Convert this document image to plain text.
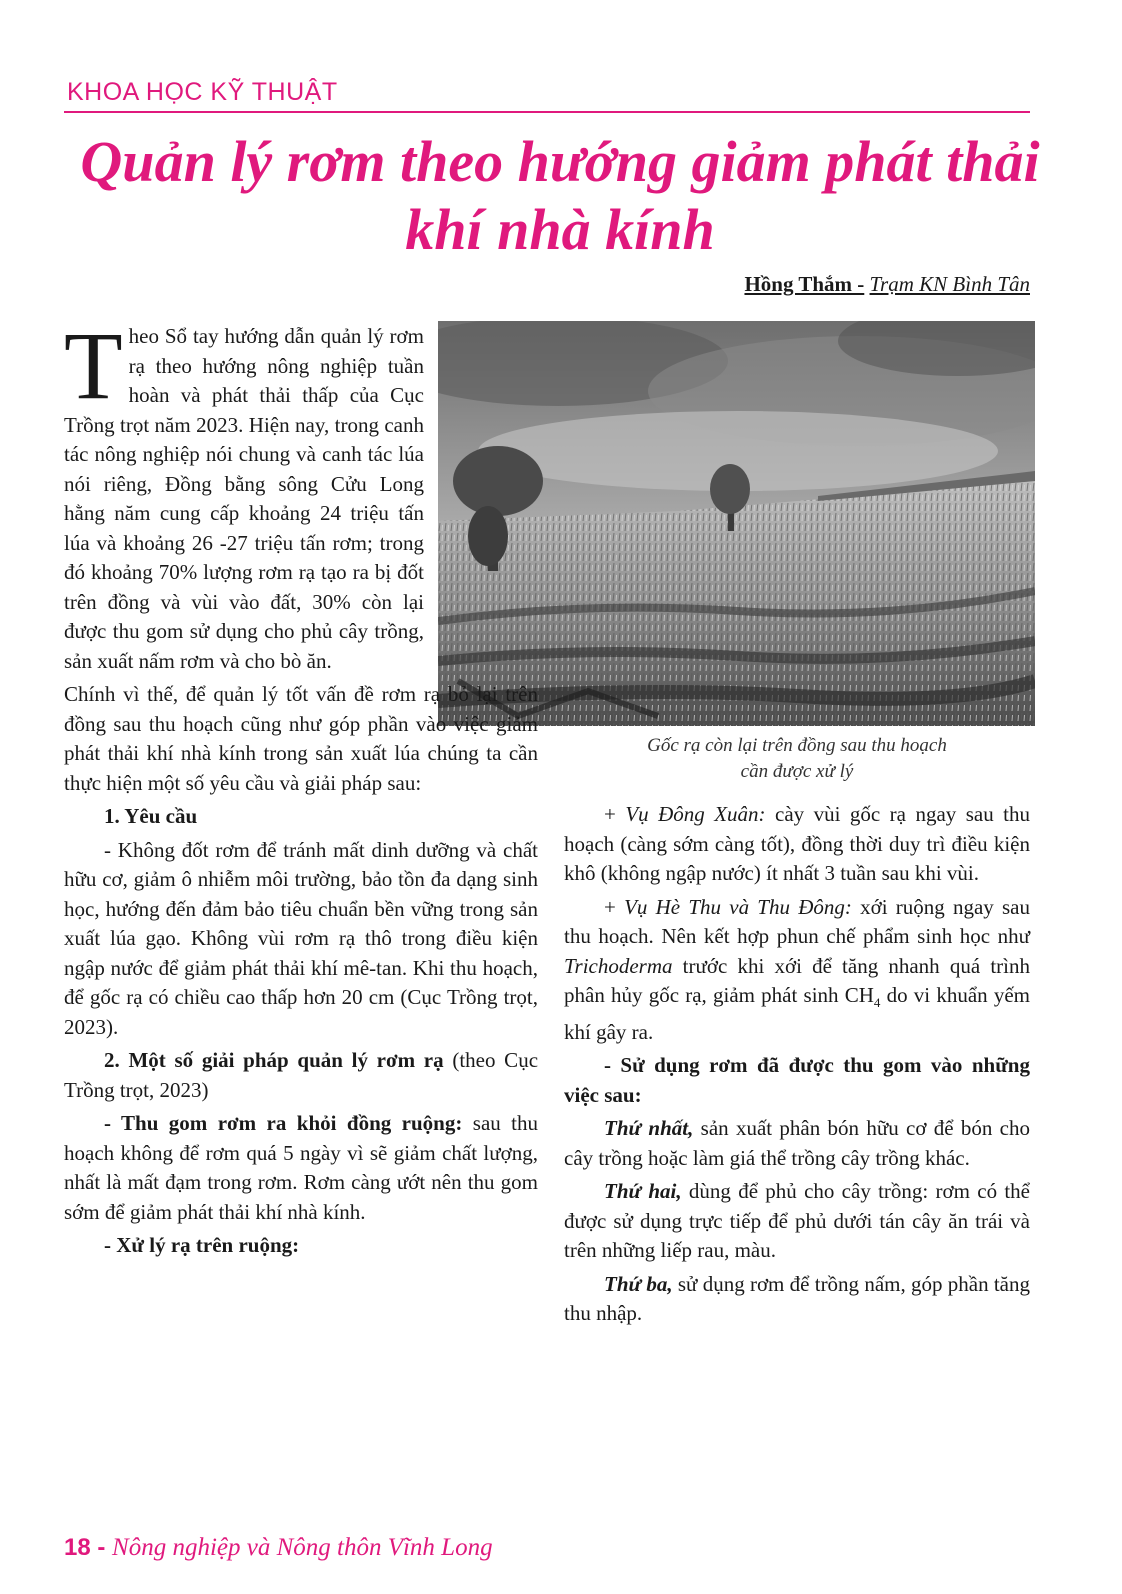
KHOA HỌC KỸ THUẬT
Quản lý rơm theo hướng giảm phát thải
khí nhà kính
Hồng Thắm - Trạm KN Bình Tân
Gốc rạ còn lại trên đồng sau thu hoạch
cần được xử lý

Theo Sổ tay hướng dẫn quản lý rơm rạ theo hướng nông nghiệp tuần hoàn và phát thải thấp của Cục Trồng trọt năm 2023. Hiện nay, trong canh tác nông nghiệp nói chung và canh tác lúa nói riêng, Đồng bằng sông Cửu Long hằng năm cung cấp khoảng 24 triệu tấn lúa và khoảng 26 -27 triệu tấn rơm; trong đó khoảng 70% lượng rơm rạ tạo ra bị đốt trên đồng và vùi vào đất, 30% còn lại được thu gom sử dụng cho phủ cây trồng, sản xuất nấm rơm và cho bò ăn.

Chính vì thế, để quản lý tốt vấn đề rơm rạ bỏ lại trên đồng sau thu hoạch cũng như góp phần vào việc giảm phát thải khí nhà kính trong sản xuất lúa chúng ta cần thực hiện một số yêu cầu và giải pháp sau:

1. Yêu cầu

- Không đốt rơm để tránh mất dinh dưỡng và chất hữu cơ, giảm ô nhiễm môi trường, bảo tồn đa dạng sinh học, hướng đến đảm bảo tiêu chuẩn bền vững trong sản xuất lúa gạo. Không vùi rơm rạ thô trong điều kiện ngập nước để giảm phát thải khí mê-tan. Khi thu hoạch, để gốc rạ có chiều cao thấp hơn 20 cm (Cục Trồng trọt, 2023).

2. Một số giải pháp quản lý rơm rạ (theo Cục Trồng trọt, 2023)

- Thu gom rơm ra khỏi đồng ruộng: sau thu hoạch không để rơm quá 5 ngày vì sẽ giảm chất lượng, nhất là mất đạm trong rơm. Rơm càng ướt nên thu gom sớm để giảm phát thải khí nhà kính.

- Xử lý rạ trên ruộng:

+ Vụ Đông Xuân: cày vùi gốc rạ ngay sau thu hoạch (càng sớm càng tốt), đồng thời duy trì điều kiện khô (không ngập nước) ít nhất 3 tuần sau khi vùi.

+ Vụ Hè Thu và Thu Đông: xới ruộng ngay sau thu hoạch. Nên kết hợp phun chế phẩm sinh học như Trichoderma trước khi xới để tăng nhanh quá trình phân hủy gốc rạ, giảm phát $\sinh CH_4$ do vi khuẩn yếm khí gây ra.

- Sử dụng rơm đã được thu gom vào những việc sau:

Thứ nhất, sản xuất phân bón hữu cơ để bón cho cây trồng hoặc làm giá thể trồng cây trồng khác.

Thứ hai, dùng để phủ cho cây trồng: rơm có thể được sử dụng trực tiếp để phủ dưới tán cây ăn trái và trên những liếp rau, màu.

Thứ ba, sử dụng rơm để trồng nấm, góp phần tăng thu nhập.

18 - Nông nghiệp và Nông thôn Vĩnh Long
